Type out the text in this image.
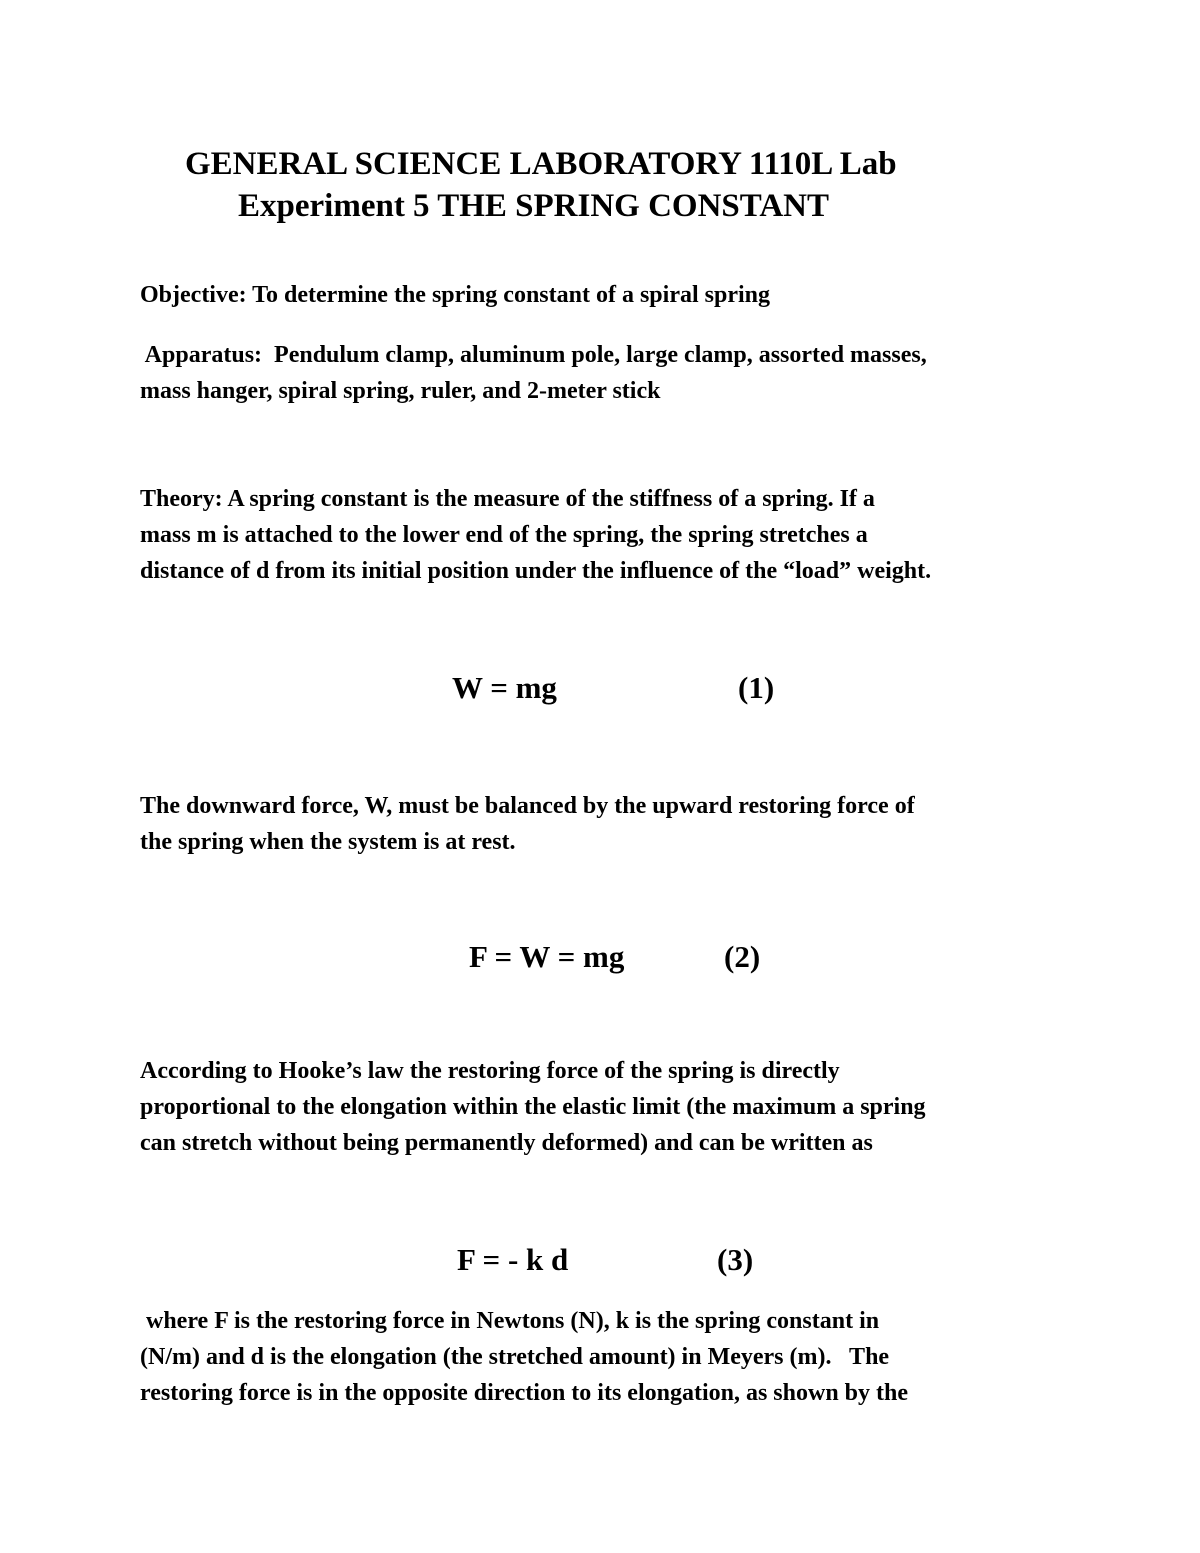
GENERAL SCIENCE LABORATORY 1110L Lab
Experiment 5 THE SPRING CONSTANT
Objective: To determine the spring constant of a spiral spring
Apparatus:  Pendulum clamp, aluminum pole, large clamp, assorted masses,
mass hanger, spiral spring, ruler, and 2-meter stick
Theory: A spring constant is the measure of the stiffness of a spring. If a
mass m is attached to the lower end of the spring, the spring stretches a
distance of d from its initial position under the influence of the “load” weight.
W = mg	(1)
The downward force, W, must be balanced by the upward restoring force of
the spring when the system is at rest.
F = W = mg	(2)
According to Hooke’s law the restoring force of the spring is directly
proportional to the elongation within the elastic limit (the maximum a spring
can stretch without being permanently deformed) and can be written as
F = - k d	(3)
where F is the restoring force in Newtons (N), k is the spring constant in
(N/m) and d is the elongation (the stretched amount) in Meyers (m).   The
restoring force is in the opposite direction to its elongation, as shown by the
